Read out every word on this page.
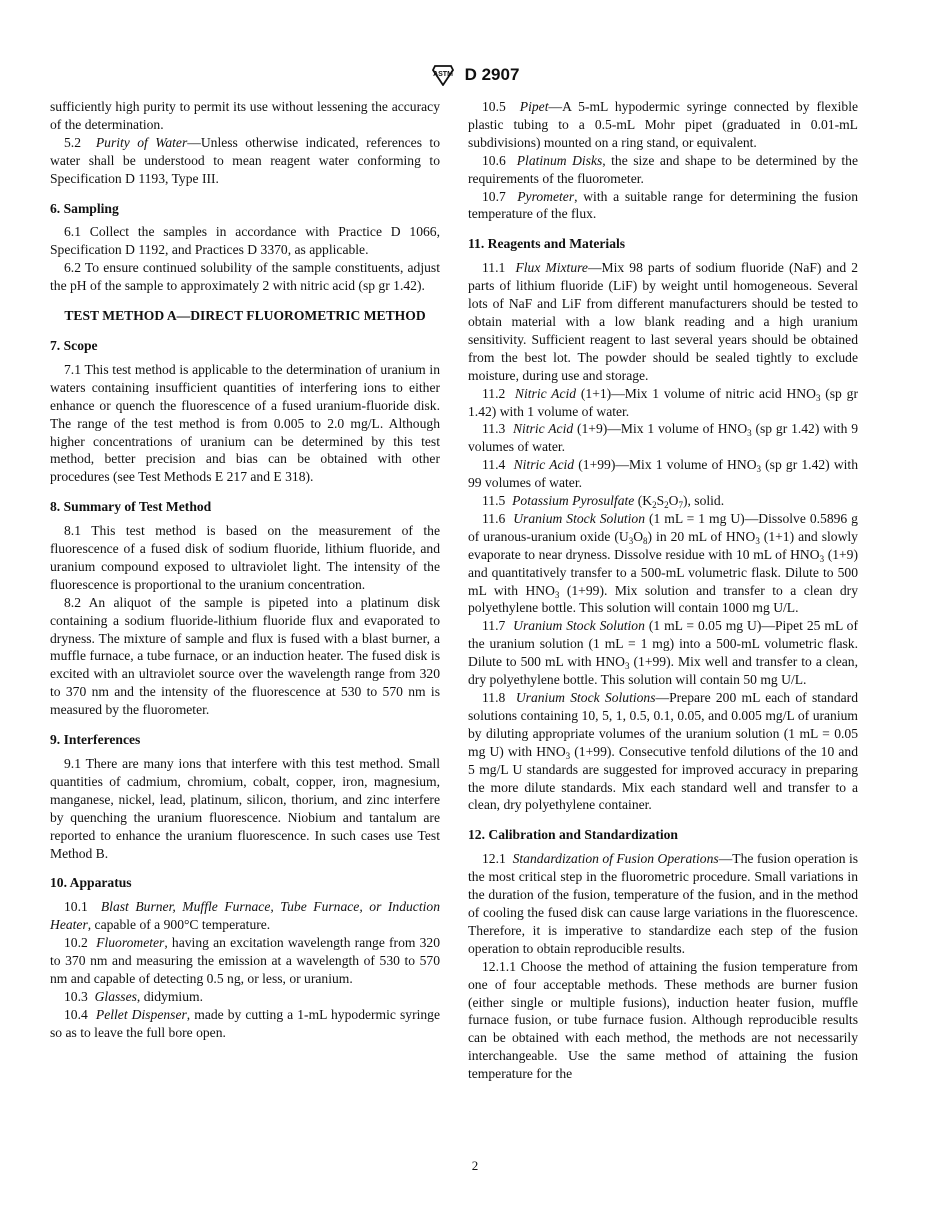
ASTM D 2907

sufficiently high purity to permit its use without lessening the accuracy of the determination.

5.2 Purity of Water—Unless otherwise indicated, references to water shall be understood to mean reagent water conforming to Specification D 1193, Type III.

6. Sampling

6.1 Collect the samples in accordance with Practice D 1066, Specification D 1192, and Practices D 3370, as applicable.

6.2 To ensure continued solubility of the sample constituents, adjust the pH of the sample to approximately 2 with nitric acid (sp gr 1.42).

TEST METHOD A—DIRECT FLUOROMETRIC METHOD
7. Scope

7.1 This test method is applicable to the determination of uranium in waters containing insufficient quantities of interfering ions to either enhance or quench the fluorescence of a fused uranium-fluoride disk. The range of the test method is from 0.005 to 2.0 mg/L. Although higher concentrations of uranium can be determined by this test method, better precision and bias can be obtained with other procedures (see Test Methods E 217 and E 318).

8. Summary of Test Method

8.1 This test method is based on the measurement of the fluorescence of a fused disk of sodium fluoride, lithium fluoride, and uranium compound exposed to ultraviolet light. The intensity of the fluorescence is proportional to the uranium concentration.

8.2 An aliquot of the sample is pipeted into a platinum disk containing a sodium fluoride-lithium fluoride flux and evaporated to dryness. The mixture of sample and flux is fused with a blast burner, a muffle furnace, a tube furnace, or an induction heater. The fused disk is excited with an ultraviolet source over the wavelength range from 320 to 370 nm and the intensity of the fluorescence at 530 to 570 nm is measured by the fluorometer.

9. Interferences

9.1 There are many ions that interfere with this test method. Small quantities of cadmium, chromium, cobalt, copper, iron, magnesium, manganese, nickel, lead, platinum, silicon, thorium, and zinc interfere by quenching the uranium fluorescence. Niobium and tantalum are reported to enhance the uranium fluorescence. In such cases use Test Method B.

10. Apparatus

10.1 Blast Burner, Muffle Furnace, Tube Furnace, or Induction Heater, capable of a 900°C temperature.

10.2 Fluorometer, having an excitation wavelength range from 320 to 370 nm and measuring the emission at a wavelength of 530 to 570 nm and capable of detecting 0.5 ng, or less, or uranium.

10.3 Glasses, didymium.

10.4 Pellet Dispenser, made by cutting a 1-mL hypodermic syringe so as to leave the full bore open.

10.5 Pipet—A 5-mL hypodermic syringe connected by flexible plastic tubing to a 0.5-mL Mohr pipet (graduated in 0.01-mL subdivisions) mounted on a ring stand, or equivalent.

10.6 Platinum Disks, the size and shape to be determined by the requirements of the fluorometer.

10.7 Pyrometer, with a suitable range for determining the fusion temperature of the flux.

11. Reagents and Materials

11.1 Flux Mixture—Mix 98 parts of sodium fluoride (NaF) and 2 parts of lithium fluoride (LiF) by weight until homogeneous. Several lots of NaF and LiF from different manufacturers should be tested to obtain material with a low blank reading and a high uranium sensitivity. Sufficient reagent to last several years should be obtained from the best lot. The powder should be sealed tightly to exclude moisture, during use and storage.

11.2 Nitric Acid (1+1)—Mix 1 volume of nitric acid $HNO_3$ (sp gr 1.42) with 1 volume of water.

11.3 Nitric Acid (1+9)—Mix 1 volume of $HNO_3$ (sp gr 1.42) with 9 volumes of water.

11.4 Nitric Acid (1+99)—Mix 1 volume of $HNO_3$ (sp gr 1.42) with 99 volumes of water.

11.5 Potassium Pyrosulfate $(K_2S_2O_7)$, solid.

11.6 Uranium Stock Solution (1 mL = 1 mg U)—Dissolve 0.5896 g of uranous-uranium oxide $(U_3O_8)$ in 20 mL of $HNO_3$ (1+1) and slowly evaporate to near dryness. Dissolve residue with 10 mL of $HNO_3$ (1+9) and quantitatively transfer to a 500-mL volumetric flask. Dilute to 500 mL with $HNO_3$ (1+99). Mix solution and transfer to a clean dry polyethylene bottle. This solution will contain 1000 mg U/L.

11.7 Uranium Stock Solution (1 mL = 0.05 mg U)—Pipet 25 mL of the uranium solution (1 mL = 1 mg) into a 500-mL volumetric flask. Dilute to 500 mL with $HNO_3$ (1+99). Mix well and transfer to a clean, dry polyethylene bottle. This solution will contain 50 mg U/L.

11.8 Uranium Stock Solutions—Prepare 200 mL each of standard solutions containing 10, 5, 1, 0.5, 0.1, 0.05, and 0.005 mg/L of uranium by diluting appropriate volumes of the uranium solution (1 mL = 0.05 mg U) with $HNO_3$ (1+99). Consecutive tenfold dilutions of the 10 and 5 mg/L U standards are suggested for improved accuracy in preparing the more dilute standards. Mix each standard well and transfer to a clean, dry polyethylene container.

12. Calibration and Standardization

12.1 Standardization of Fusion Operations—The fusion operation is the most critical step in the fluorometric procedure. Small variations in the duration of the fusion, temperature of the fusion, and in the method of cooling the fused disk can cause large variations in the fluorescence. Therefore, it is imperative to standardize each step of the fusion operation to obtain reproducible results.

12.1.1 Choose the method of attaining the fusion temperature from one of four acceptable methods. These methods are burner fusion (either single or multiple fusions), induction heater fusion, muffle furnace fusion, or tube furnace fusion. Although reproducible results can be obtained with each method, the methods are not necessarily interchangeable. Use the same method of attaining the fusion temperature for the

2
